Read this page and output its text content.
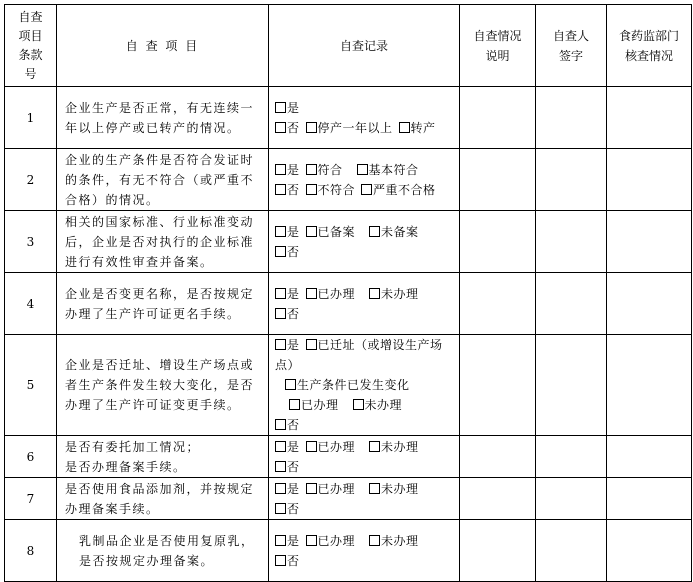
自查项目条款号	自 查 项 目	自查记录	自查情况说明	自查人签字	食药监部门核查情况

1	企业生产是否正常，有无连续一年以上停产或已转产的情况。	是
否 停产一年以上 转产			

2	企业的生产条件是否符合发证时的条件，有无不符合（或严重不合格）的情况。	是 符合 基本符合
否 不符合 严重不合格			

3	相关的国家标准、行业标准变动后，企业是否对执行的企业标准进行有效性审查并备案。	是 已备案 未备案
否			

4	企业是否变更名称，是否按规定办理了生产许可证更名手续。	是 已办理 未办理
否			

5	企业是否迁址、增设生产场点或者生产条件发生较大变化，是否办理了生产许可证变更手续。	是 已迁址（或增设生产场点）
生产条件已发生变化
已办理 未办理
否			

6	是否有委托加工情况；
是否办理备案手续。	是 已办理 未办理
否			

7	是否使用食品添加剂，并按规定办理备案手续。	是 已办理 未办理
否			

8	乳制品企业是否使用复原乳，是否按规定办理备案。	是 已办理 未办理
否			
